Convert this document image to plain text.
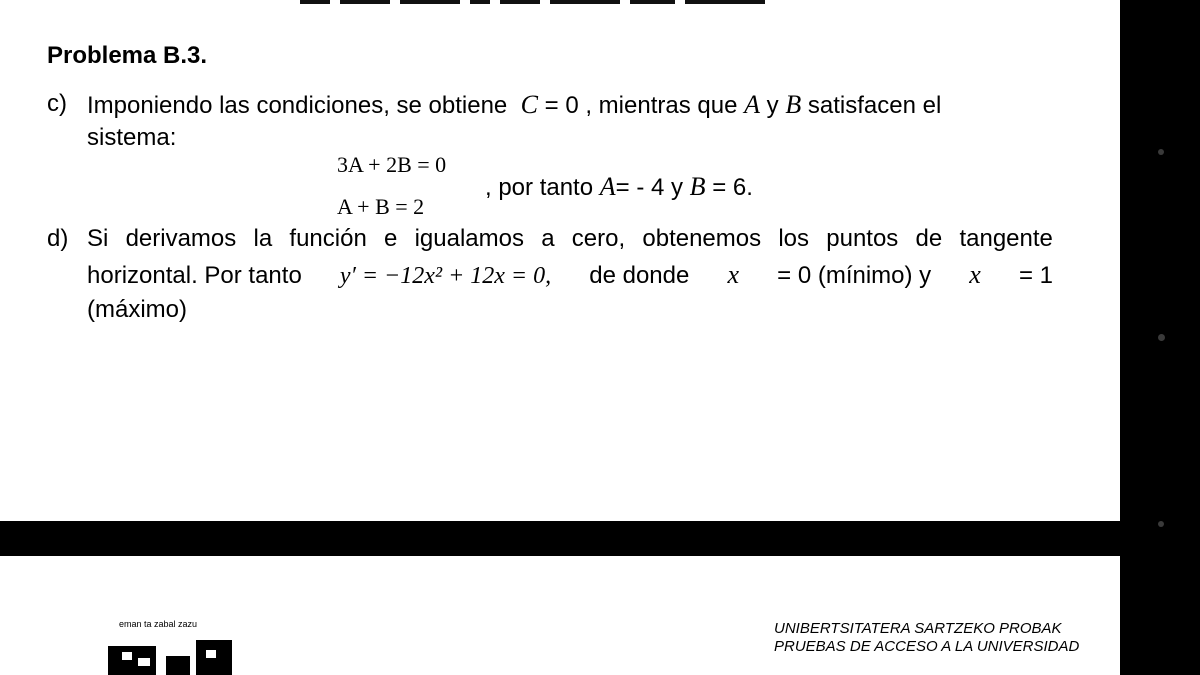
Problema B.3.
c) Imponiendo las condiciones, se obtiene C = 0 , mientras que A y B satisfacen el
sistema:
3A + 2B = 0
A + B = 2
, por tanto A= - 4 y B = 6.
d) Si derivamos la función e igualamos a cero, obtenemos los puntos de tangente
horizontal. Por tanto y′ = −12x² + 12x = 0, de donde x = 0 (mínimo) y x = 1
(máximo)
eman ta zabal zazu	UNIBERTSITATERA SARTZEKO PROBAK
PRUEBAS DE ACCESO A LA UNIVERSIDAD
